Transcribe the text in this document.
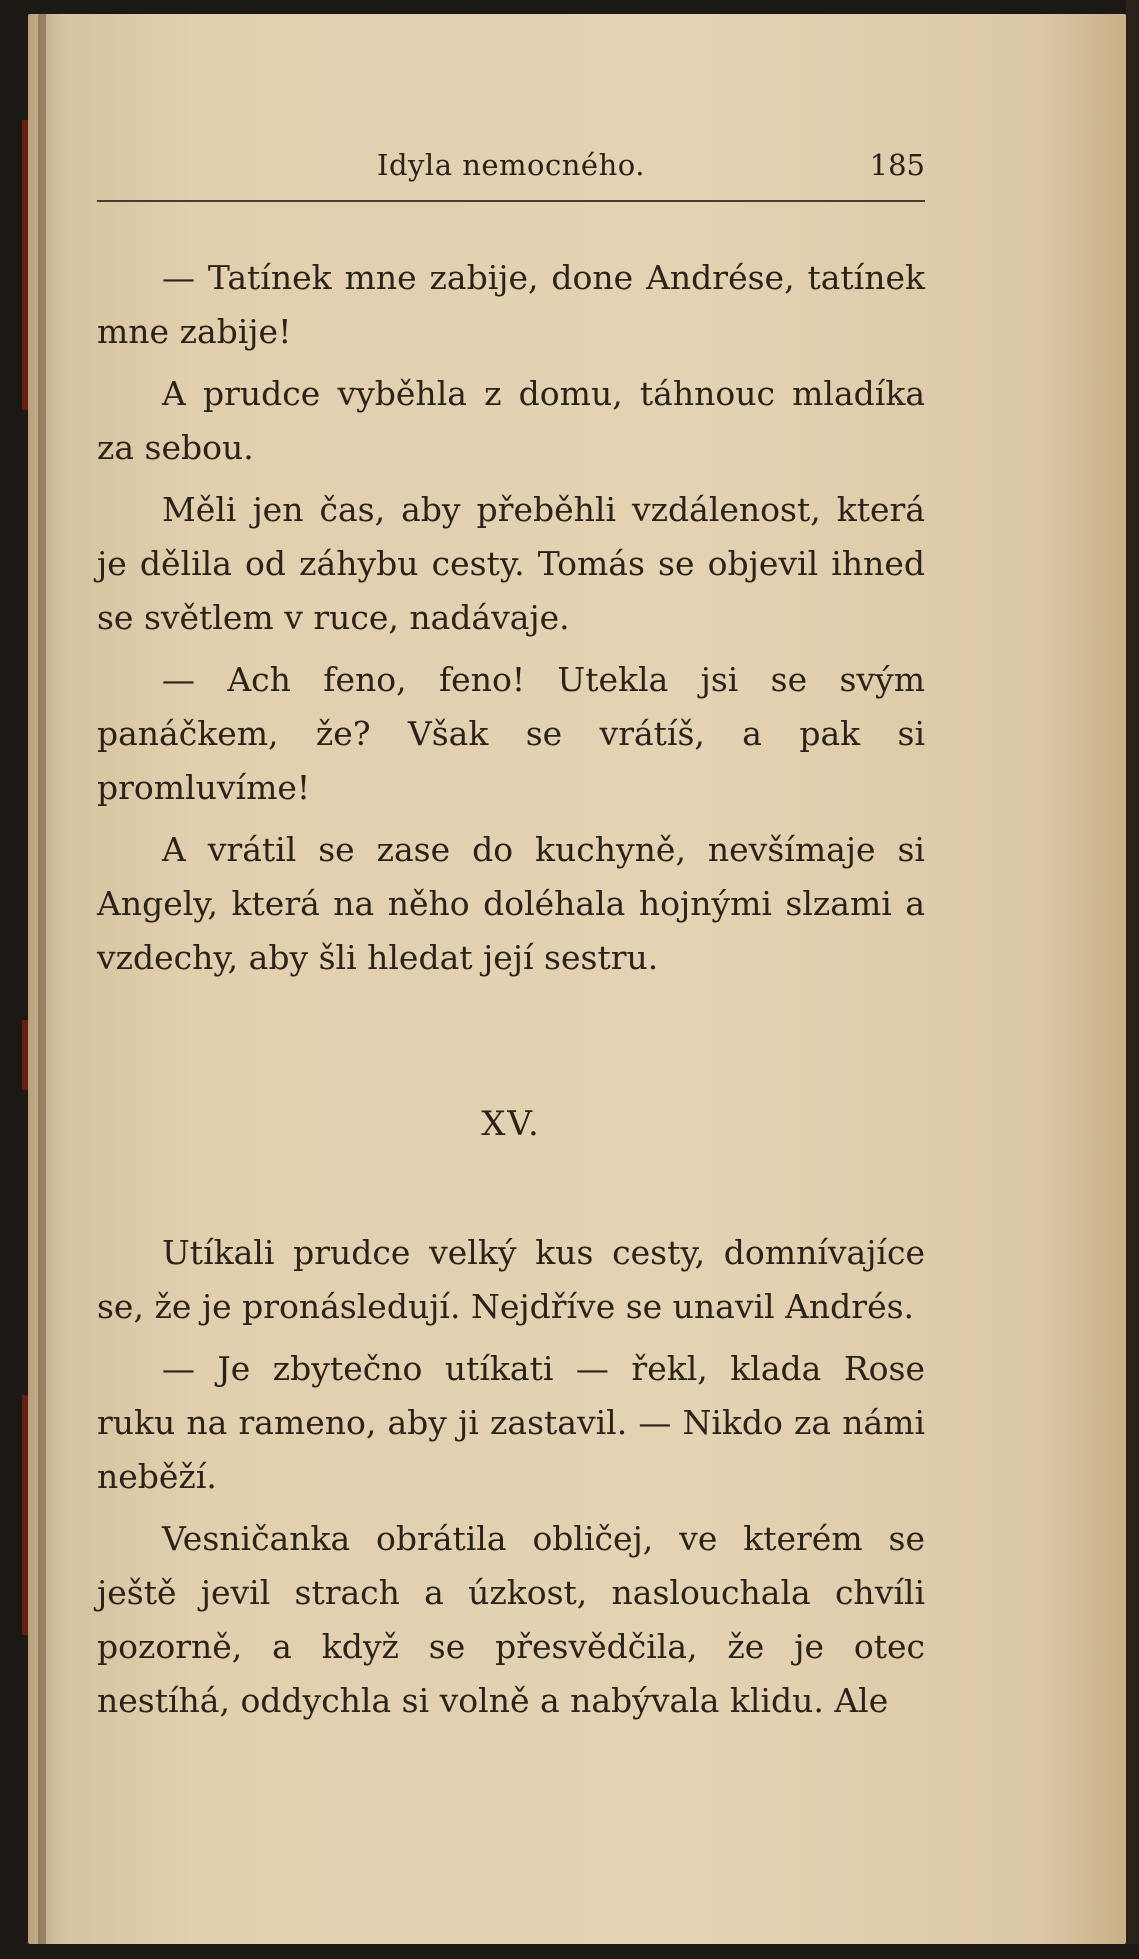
Idyla nemocného.	185

— Tatínek mne zabije, done Andrése, tatínek mne zabije!

A prudce vyběhla z domu, táhnouc mladíka za sebou.

Měli jen čas, aby přeběhli vzdálenost, která je dělila od záhybu cesty. Tomás se objevil ihned se světlem v ruce, nadávaje.

— Ach feno, feno! Utekla jsi se svým panáčkem, že? Však se vrátíš, a pak si promluvíme!

A vrátil se zase do kuchyně, nevšímaje si Angely, která na něho doléhala hojnými slzami a vzdechy, aby šli hledat její sestru.

XV.

Utíkali prudce velký kus cesty, domnívajíce se, že je pronásledují. Nejdříve se unavil Andrés.

— Je zbytečno utíkati — řekl, klada Rose ruku na rameno, aby ji zastavil. — Nikdo za námi neběží.

Vesničanka obrátila obličej, ve kterém se ještě jevil strach a úzkost, naslouchala chvíli pozorně, a když se přesvědčila, že je otec nestíhá, oddychla si volně a nabývala klidu. Ale
